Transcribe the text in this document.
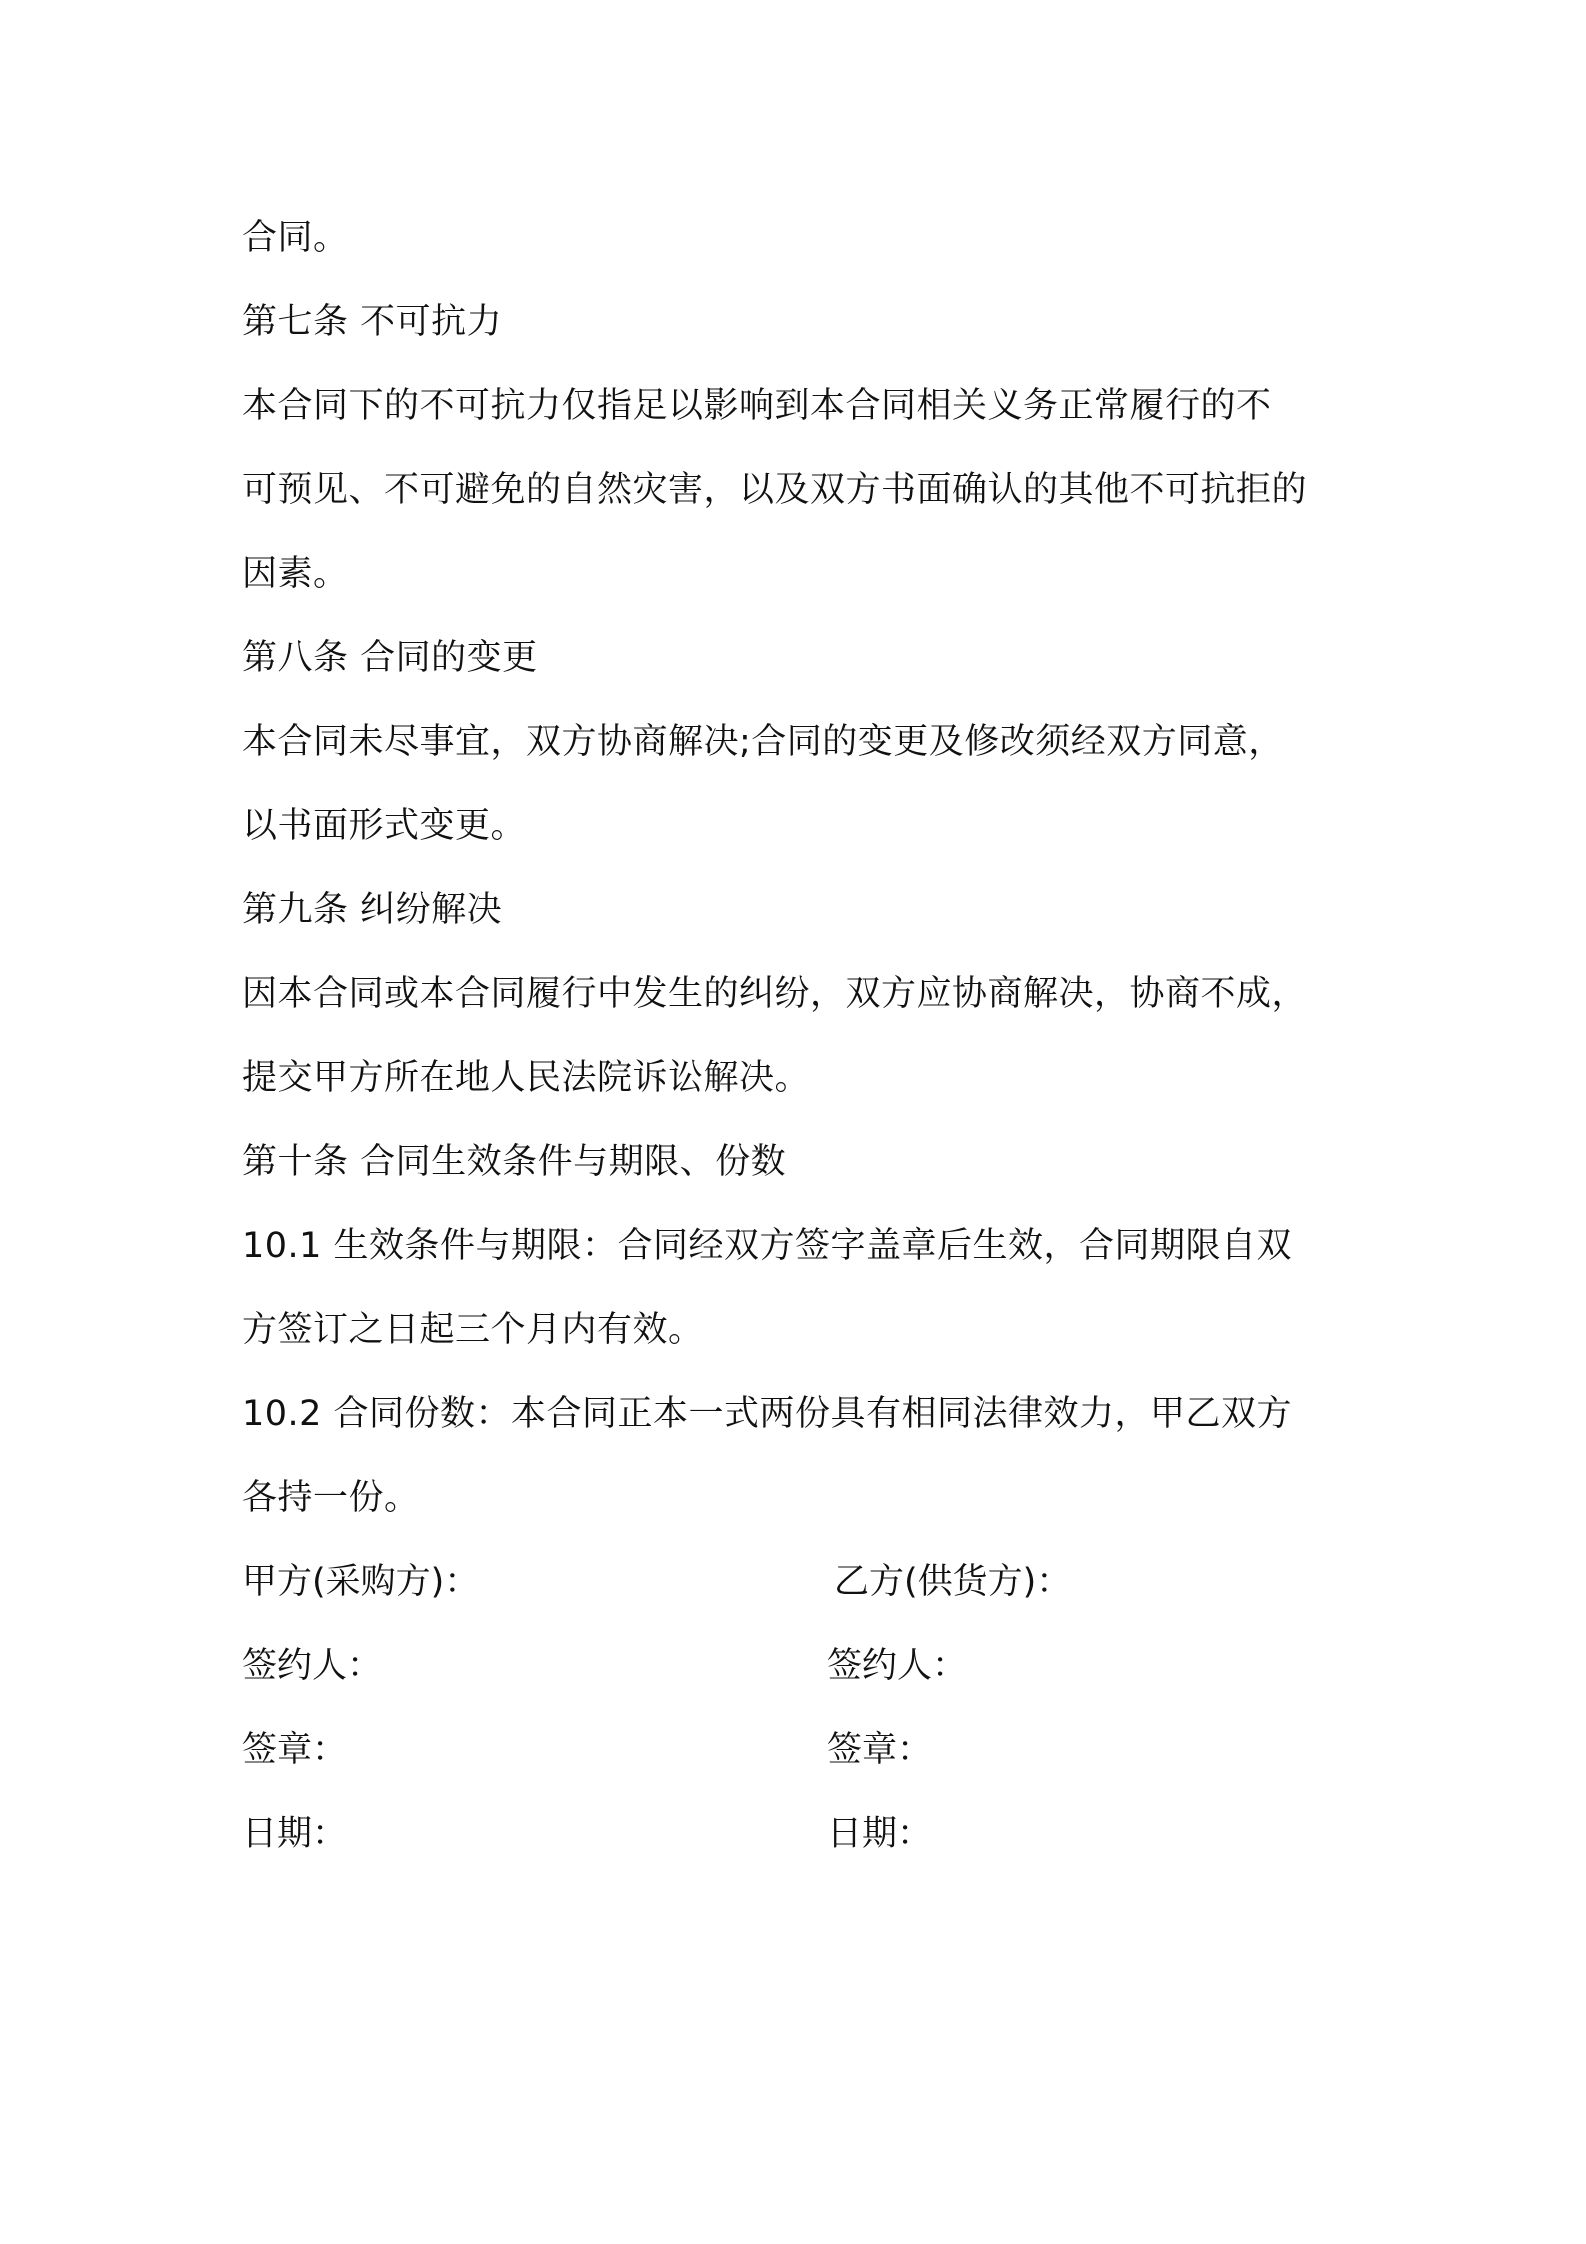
合同。
第七条 不可抗力
本合同下的不可抗力仅指足以影响到本合同相关义务正常履行的不
可预见、不可避免的自然灾害，以及双方书面确认的其他不可抗拒的
因素。
第八条 合同的变更
本合同未尽事宜，双方协商解决;合同的变更及修改须经双方同意，
以书面形式变更。
第九条 纠纷解决
因本合同或本合同履行中发生的纠纷，双方应协商解决，协商不成，
提交甲方所在地人民法院诉讼解决。
第十条 合同生效条件与期限、份数
10.1 生效条件与期限：合同经双方签字盖章后生效，合同期限自双
方签订之日起三个月内有效。
10.2 合同份数：本合同正本一式两份具有相同法律效力，甲乙双方
各持一份。
甲方(采购方)：	乙方(供货方)：
签约人：	签约人：
签章：	签章：
日期：	日期：
